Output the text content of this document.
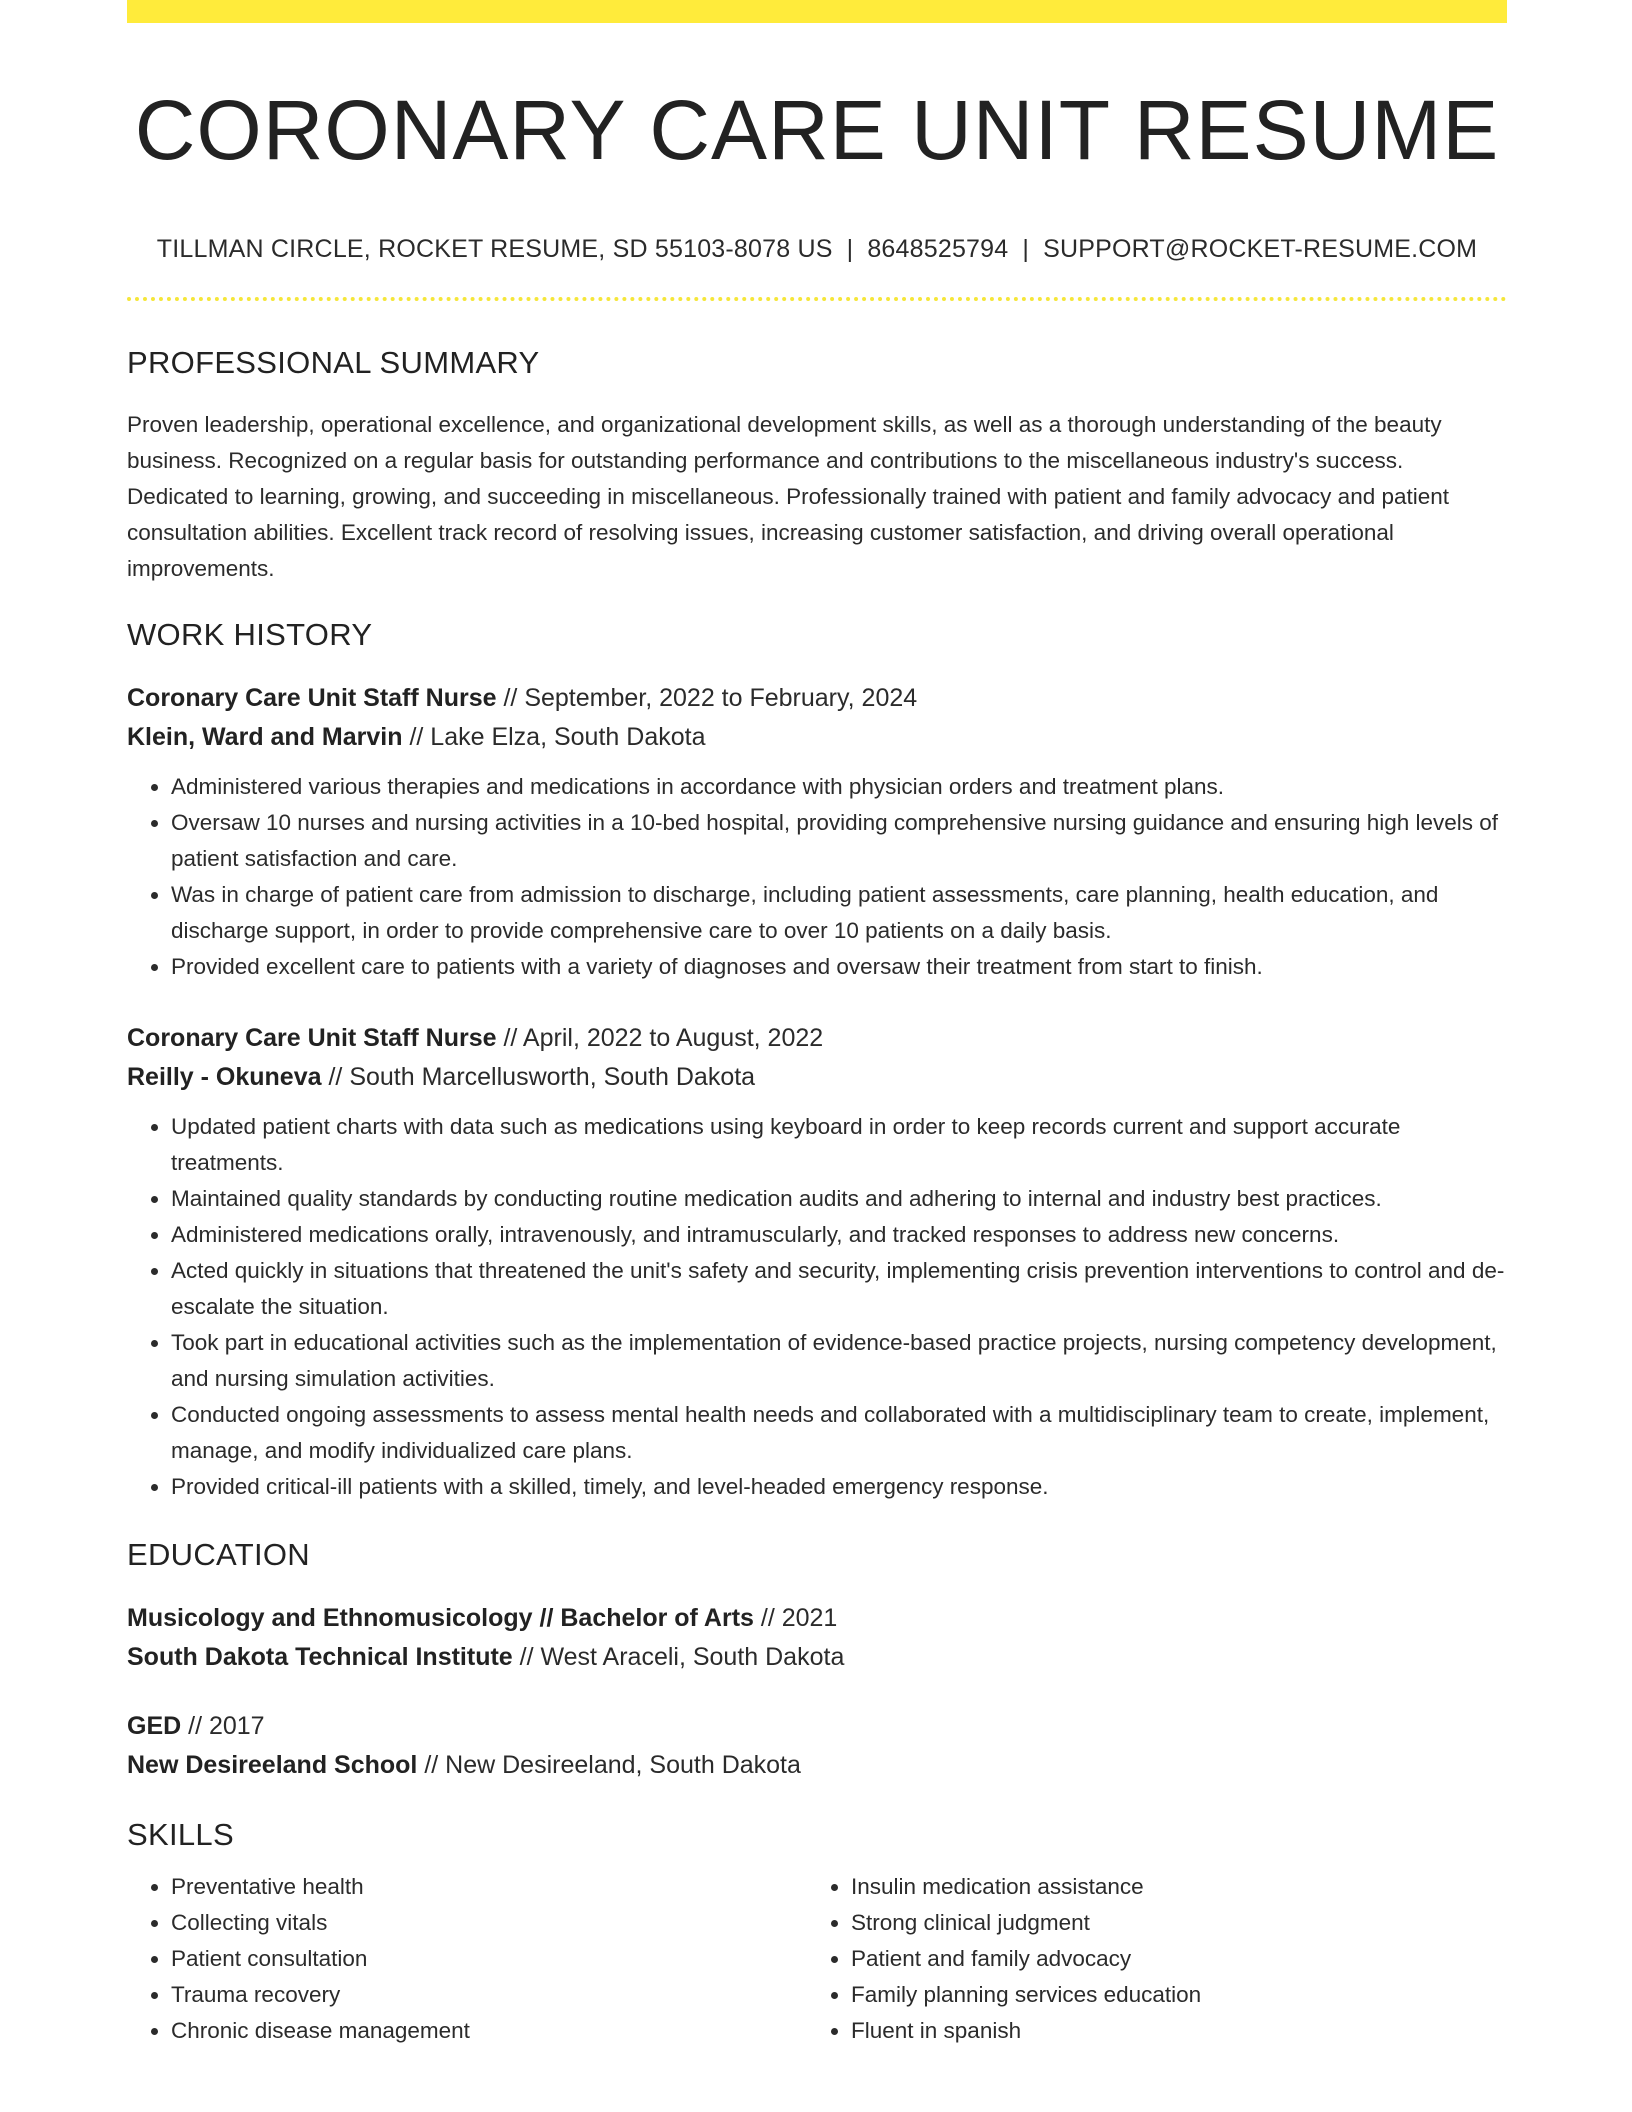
CORONARY CARE UNIT RESUME
TILLMAN CIRCLE, ROCKET RESUME, SD 55103-8078 US | 8648525794 | SUPPORT@ROCKET-RESUME.COM
PROFESSIONAL SUMMARY

Proven leadership, operational excellence, and organizational development skills, as well as a thorough understanding of the beauty business. Recognized on a regular basis for outstanding performance and contributions to the miscellaneous industry's success. Dedicated to learning, growing, and succeeding in miscellaneous. Professionally trained with patient and family advocacy and patient consultation abilities. Excellent track record of resolving issues, increasing customer satisfaction, and driving overall operational improvements.

WORK HISTORY
Coronary Care Unit Staff Nurse // September, 2022 to February, 2024
Klein, Ward and Marvin // Lake Elza, South Dakota
• Administered various therapies and medications in accordance with physician orders and treatment plans.
• Oversaw 10 nurses and nursing activities in a 10-bed hospital, providing comprehensive nursing guidance and ensuring high levels of patient satisfaction and care.
• Was in charge of patient care from admission to discharge, including patient assessments, care planning, health education, and discharge support, in order to provide comprehensive care to over 10 patients on a daily basis.
• Provided excellent care to patients with a variety of diagnoses and oversaw their treatment from start to finish.
Coronary Care Unit Staff Nurse // April, 2022 to August, 2022
Reilly - Okuneva // South Marcellusworth, South Dakota
• Updated patient charts with data such as medications using keyboard in order to keep records current and support accurate treatments.
• Maintained quality standards by conducting routine medication audits and adhering to internal and industry best practices.
• Administered medications orally, intravenously, and intramuscularly, and tracked responses to address new concerns.
• Acted quickly in situations that threatened the unit's safety and security, implementing crisis prevention interventions to control and de-escalate the situation.
• Took part in educational activities such as the implementation of evidence-based practice projects, nursing competency development, and nursing simulation activities.
• Conducted ongoing assessments to assess mental health needs and collaborated with a multidisciplinary team to create, implement, manage, and modify individualized care plans.
• Provided critical-ill patients with a skilled, timely, and level-headed emergency response.
EDUCATION
Musicology and Ethnomusicology // Bachelor of Arts // 2021
South Dakota Technical Institute // West Araceli, South Dakota
GED // 2017
New Desireeland School // New Desireeland, South Dakota
SKILLS
• Preventative health
• Collecting vitals
• Patient consultation
• Trauma recovery
• Chronic disease management
• Insulin medication assistance
• Strong clinical judgment
• Patient and family advocacy
• Family planning services education
• Fluent in spanish
